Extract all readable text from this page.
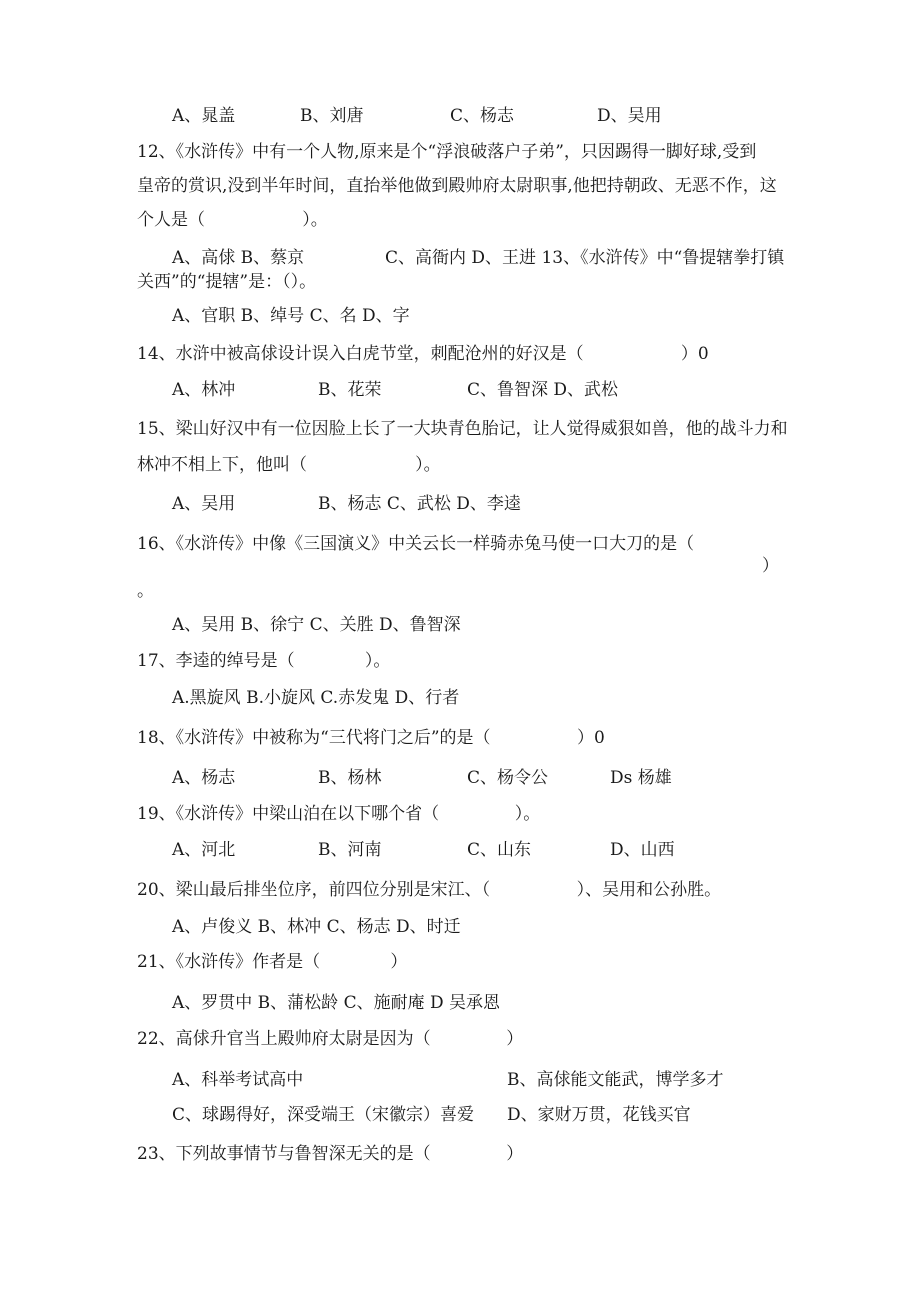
A、晁盖	B、刘唐	C、杨志	D、吴用
12、《水浒传》中有一个人物,原来是个“浮浪破落户子弟”，只因踢得一脚好球,受到
皇帝的赏识,没到半年时间，直抬举他做到殿帅府太尉职事,他把持朝政、无恶不作，这
个人是（                  ）。
A、高俅 B、蔡京	C、高衙内 D、王进 13、《水浒传》中“鲁提辖拳打镇
关西”的“提辖”是：（）。
A、官职 B、绰号 C、名 D、字
14、水浒中被高俅设计误入白虎节堂，刺配沧州的好汉是（                  ）0
A、林冲	B、花荣	C、鲁智深 D、武松
15、梁山好汉中有一位因脸上长了一大块青色胎记，让人觉得威狠如兽，他的战斗力和
林冲不相上下，他叫（                    ）。
A、吴用	B、杨志 C、武松 D、李逵
16、《水浒传》中像《三国演义》中关云长一样骑赤兔马使一口大刀的是（
）
。
A、吴用 B、徐宁 C、关胜 D、鲁智深
17、李逵的绰号是（             ）。
A.黑旋风 B.小旋风 C.赤发鬼 D、行者
18、《水浒传》中被称为“三代将门之后”的是（                ）0
A、杨志	B、杨林	C、杨令公	Ds 杨雄
19、《水浒传》中梁山泊在以下哪个省（              ）。
A、河北	B、河南	C、山东	D、山西
20、梁山最后排坐位序，前四位分别是宋江、（                ）、吴用和公孙胜。
A、卢俊义 B、林冲 C、杨志 D、时迁
21、《水浒传》作者是（             ）
A、罗贯中 B、蒲松龄 C、施耐庵 D 吴承恩
22、高俅升官当上殿帅府太尉是因为（              ）
A、科举考试高中	B、高俅能文能武，博学多才
C、球踢得好，深受端王（宋徽宗）喜爱 D、家财万贯，花钱买官
23、下列故事情节与鲁智深无关的是（              ）
